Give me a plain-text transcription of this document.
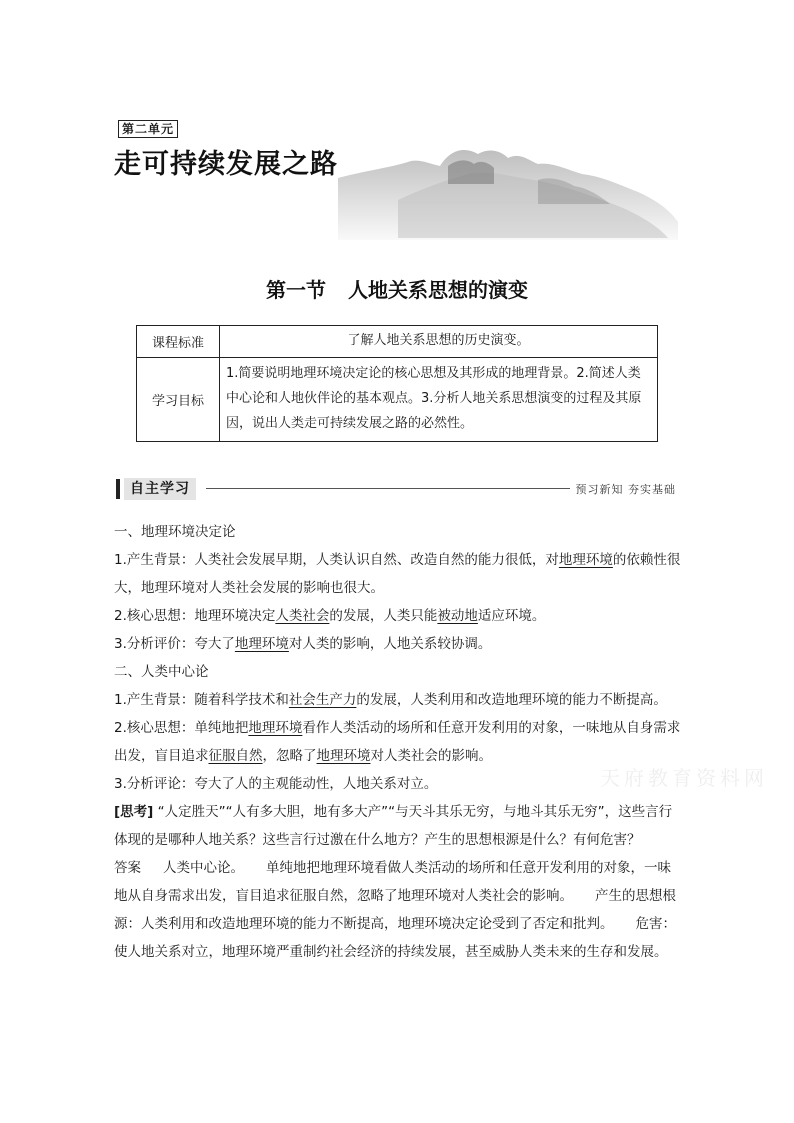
第二单元
走可持续发展之路
第一节 人地关系思想的演变
课程标准	了解人地关系思想的历史演变。
学习目标	1.简要说明地理环境决定论的核心思想及其形成的地理背景。2.简述人类中心论和人地伙伴论的基本观点。3.分析人地关系思想演变的过程及其原因，说出人类走可持续发展之路的必然性。
自主学习	预习新知 夯实基础

一、地理环境决定论

1.产生背景：人类社会发展早期，人类认识自然、改造自然的能力很低，对地理环境的依赖性很大，地理环境对人类社会发展的影响也很大。

2.核心思想：地理环境决定人类社会的发展，人类只能被动地适应环境。

3.分析评价：夸大了地理环境对人类的影响，人地关系较协调。

二、人类中心论

1.产生背景：随着科学技术和社会生产力的发展，人类利用和改造地理环境的能力不断提高。

2.核心思想：单纯地把地理环境看作人类活动的场所和任意开发利用的对象，一味地从自身需求出发，盲目追求征服自然，忽略了地理环境对人类社会的影响。

3.分析评论：夸大了人的主观能动性，人地关系对立。

[思考] “人定胜天”“人有多大胆，地有多大产”“与天斗其乐无穷，与地斗其乐无穷”，这些言行体现的是哪种人地关系？这些言行过激在什么地方？产生的思想根源是什么？有何危害？

答案 人类中心论。 单纯地把地理环境看做人类活动的场所和任意开发利用的对象，一味地从自身需求出发，盲目追求征服自然，忽略了地理环境对人类社会的影响。 产生的思想根源：人类利用和改造地理环境的能力不断提高，地理环境决定论受到了否定和批判。 危害：使人地关系对立，地理环境严重制约社会经济的持续发展，甚至威胁人类未来的生存和发展。

天府教育资料网
